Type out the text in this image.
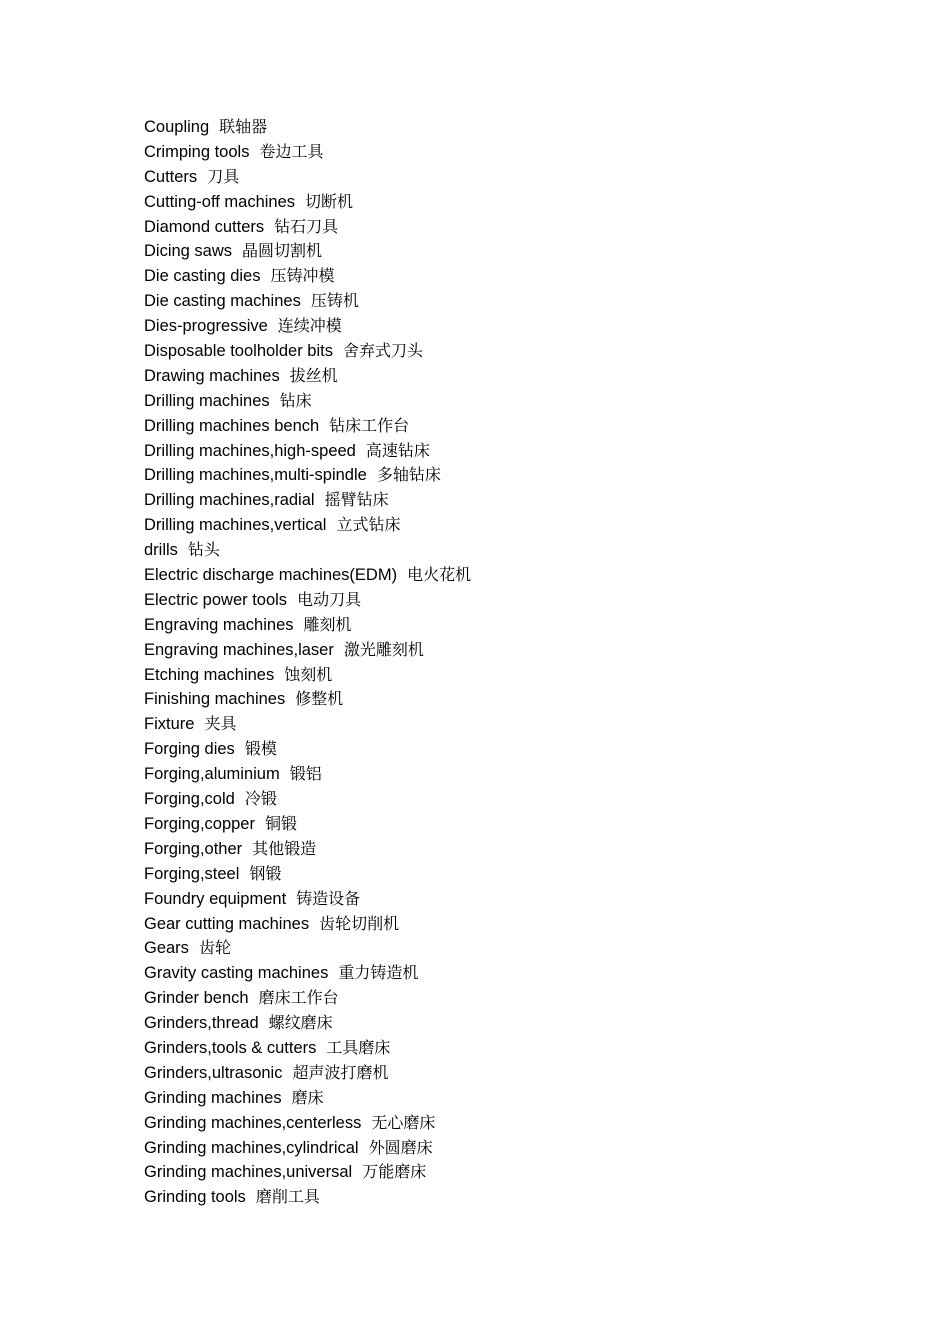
Coupling 联轴器
Crimping tools 卷边工具
Cutters 刀具
Cutting-off machines 切断机
Diamond cutters 钻石刀具
Dicing saws 晶圆切割机
Die casting dies 压铸冲模
Die casting machines 压铸机
Dies-progressive 连续冲模
Disposable toolholder bits 舍弃式刀头
Drawing machines 拔丝机
Drilling machines 钻床
Drilling machines bench 钻床工作台
Drilling machines,high-speed 高速钻床
Drilling machines,multi-spindle 多轴钻床
Drilling machines,radial 摇臂钻床
Drilling machines,vertical 立式钻床
drills 钻头
Electric discharge machines(EDM) 电火花机
Electric power tools 电动刀具
Engraving machines 雕刻机
Engraving machines,laser 激光雕刻机
Etching machines 蚀刻机
Finishing machines 修整机
Fixture 夹具
Forging dies 锻模
Forging,aluminium 锻铝
Forging,cold 冷锻
Forging,copper 铜锻
Forging,other 其他锻造
Forging,steel 钢锻
Foundry equipment 铸造设备
Gear cutting machines 齿轮切削机
Gears 齿轮
Gravity casting machines 重力铸造机
Grinder bench 磨床工作台
Grinders,thread 螺纹磨床
Grinders,tools & cutters 工具磨床
Grinders,ultrasonic 超声波打磨机
Grinding machines 磨床
Grinding machines,centerless 无心磨床
Grinding machines,cylindrical 外圆磨床
Grinding machines,universal 万能磨床
Grinding tools 磨削工具
